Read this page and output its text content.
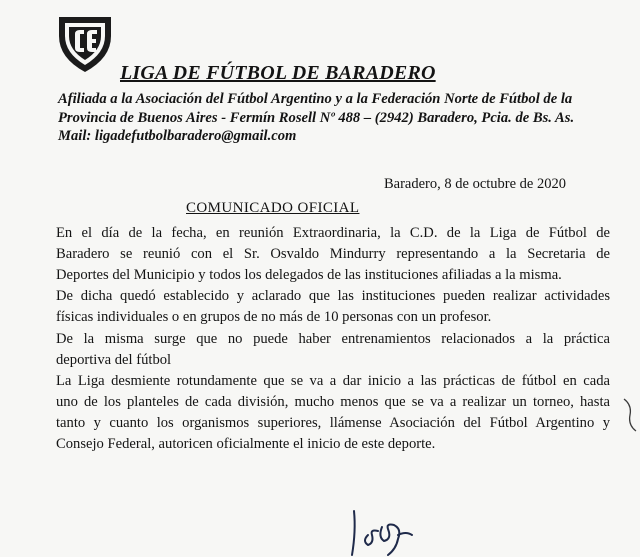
LIGA DE FÚTBOL DE BARADERO
Afiliada a la Asociación del Fútbol Argentino y a la Federación Norte de Fútbol de la
Provincia de Buenos Aires - Fermín Rosell Nº 488 – (2942) Baradero, Pcia. de Bs. As.
Mail: ligadefutbolbaradero@gmail.com
Baradero, 8 de octubre de 2020
COMUNICADO OFICIAL

En el día de la fecha, en reunión Extraordinaria, la C.D. de la Liga de Fútbol de
Baradero se reunió con el Sr. Osvaldo Mindurry representando a la Secretaria de
Deportes del Municipio y todos los delegados de las instituciones afiliadas a la misma.

De dicha quedó establecido y aclarado que las instituciones pueden realizar actividades
físicas individuales o en grupos de no más de 10 personas con un profesor.

De la misma surge que no puede haber entrenamientos relacionados a la práctica
deportiva del fútbol

La Liga desmiente rotundamente que se va a dar inicio a las prácticas de fútbol en cada
uno de los planteles de cada división, mucho menos que se va a realizar un torneo, hasta
tanto y cuanto los organismos superiores, llámense Asociación del Fútbol Argentino y
Consejo Federal, autoricen oficialmente el inicio de este deporte.
